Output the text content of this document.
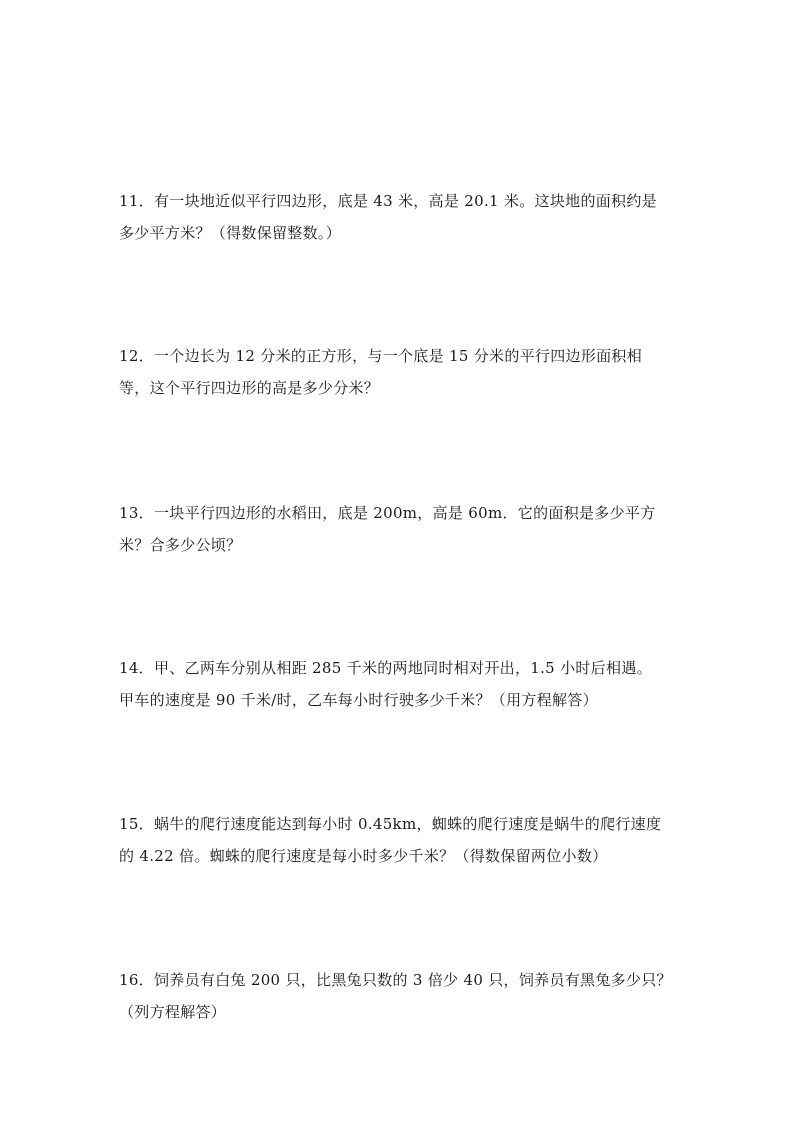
11．有一块地近似平行四边形，底是 43 米，高是 20.1 米。这块地的面积约是
多少平方米？（得数保留整数。）
12．一个边长为 12 分米的正方形，与一个底是 15 分米的平行四边形面积相
等，这个平行四边形的高是多少分米？
13．一块平行四边形的水稻田，底是 200m，高是 60m．它的面积是多少平方
米？合多少公顷？
14．甲、乙两车分别从相距 285 千米的两地同时相对开出，1.5 小时后相遇。
甲车的速度是 90 千米/时，乙车每小时行驶多少千米？（用方程解答）
15．蜗牛的爬行速度能达到每小时 0.45km，蜘蛛的爬行速度是蜗牛的爬行速度
的 4.22 倍。蜘蛛的爬行速度是每小时多少千米？（得数保留两位小数）
16．饲养员有白兔 200 只，比黑兔只数的 3 倍少 40 只，饲养员有黑兔多少只？
（列方程解答）
